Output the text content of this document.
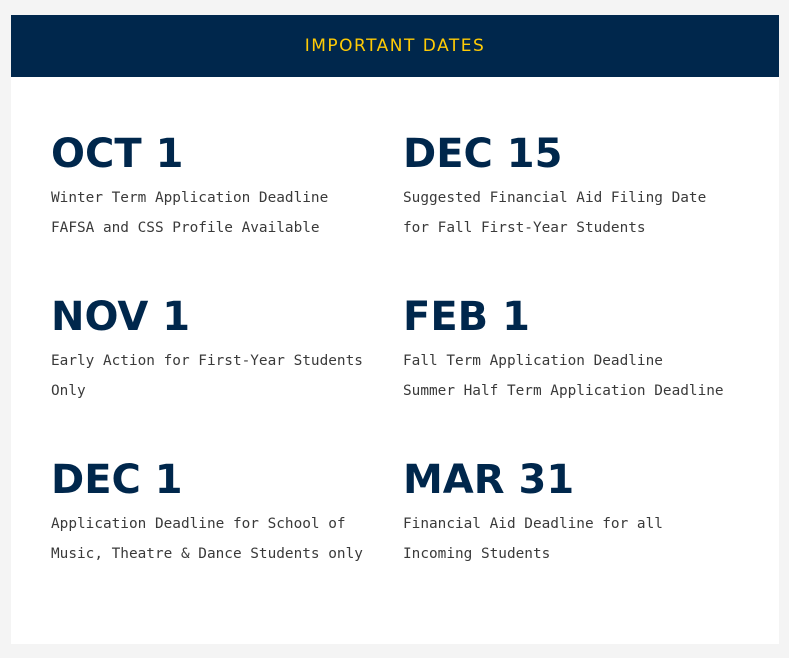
IMPORTANT DATES
OCT 1
Winter Term Application Deadline
FAFSA and CSS Profile Available
DEC 15
Suggested Financial Aid Filing Date
for Fall First-Year Students
NOV 1
Early Action for First-Year Students
Only
FEB 1
Fall Term Application Deadline
Summer Half Term Application Deadline
DEC 1
Application Deadline for School of
Music, Theatre & Dance Students only
MAR 31
Financial Aid Deadline for all
Incoming Students
